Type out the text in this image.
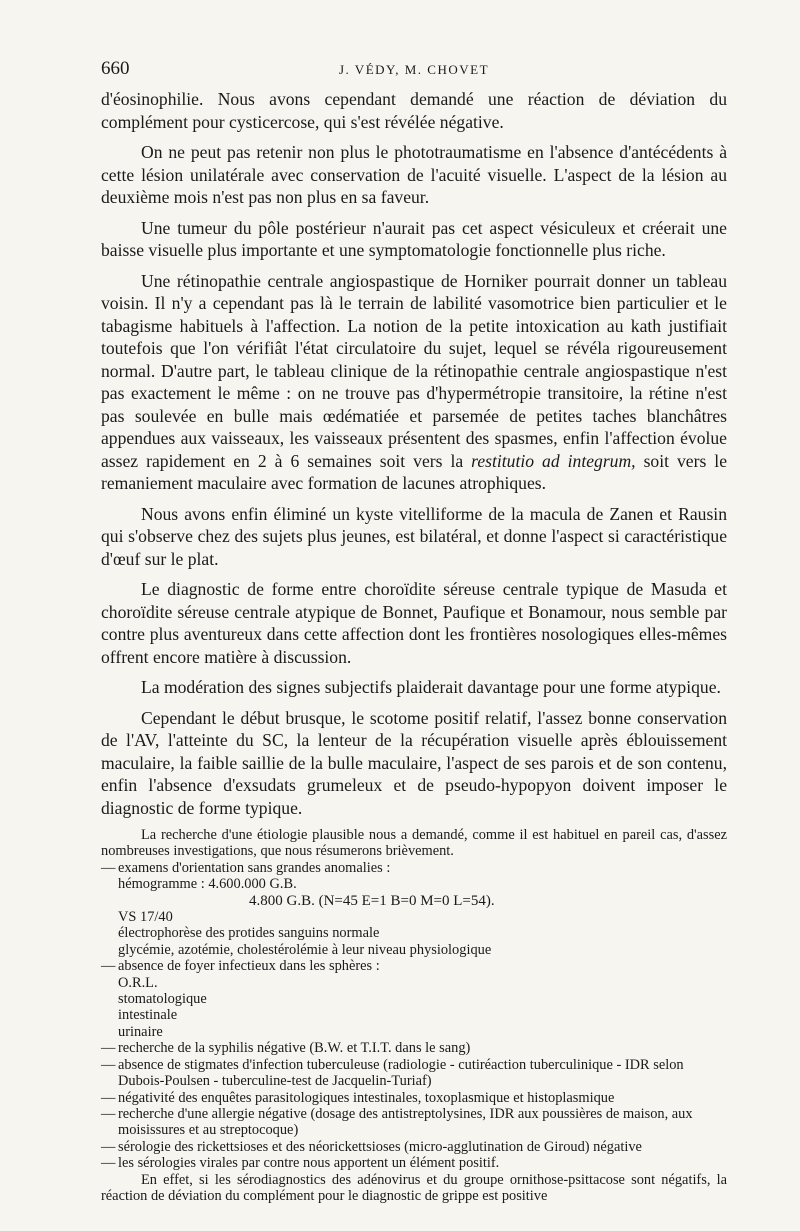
660	J. VÉDY, M. CHOVET

d'éosinophilie. Nous avons cependant demandé une réaction de déviation du complément pour cysticercose, qui s'est révélée négative.

On ne peut pas retenir non plus le phototraumatisme en l'absence d'antécédents à cette lésion unilatérale avec conservation de l'acuité visuelle. L'aspect de la lésion au deuxième mois n'est pas non plus en sa faveur.

Une tumeur du pôle postérieur n'aurait pas cet aspect vésiculeux et créerait une baisse visuelle plus importante et une symptomatologie fonctionnelle plus riche.

Une rétinopathie centrale angiospastique de Horniker pourrait donner un tableau voisin. Il n'y a cependant pas là le terrain de labilité vasomotrice bien particulier et le tabagisme habituels à l'affection. La notion de la petite intoxication au kath justifiait toutefois que l'on vérifiât l'état circulatoire du sujet, lequel se révéla rigoureusement normal. D'autre part, le tableau clinique de la rétinopathie centrale angiospastique n'est pas exactement le même : on ne trouve pas d'hypermétropie transitoire, la rétine n'est pas soulevée en bulle mais œdématiée et parsemée de petites taches blanchâtres appendues aux vaisseaux, les vaisseaux présentent des spasmes, enfin l'affection évolue assez rapidement en 2 à 6 semaines soit vers la restitutio ad integrum, soit vers le remaniement maculaire avec formation de lacunes atrophiques.

Nous avons enfin éliminé un kyste vitelliforme de la macula de Zanen et Rausin qui s'observe chez des sujets plus jeunes, est bilatéral, et donne l'aspect si caractéristique d'œuf sur le plat.

Le diagnostic de forme entre choroïdite séreuse centrale typique de Masuda et choroïdite séreuse centrale atypique de Bonnet, Paufique et Bonamour, nous semble par contre plus aventureux dans cette affection dont les frontières nosologiques elles-mêmes offrent encore matière à discussion.

La modération des signes subjectifs plaiderait davantage pour une forme atypique.

Cependant le début brusque, le scotome positif relatif, l'assez bonne conservation de l'AV, l'atteinte du SC, la lenteur de la récupération visuelle après éblouissement maculaire, la faible saillie de la bulle maculaire, l'aspect de ses parois et de son contenu, enfin l'absence d'exsudats grumeleux et de pseudo-hypopyon doivent imposer le diagnostic de forme typique.

La recherche d'une étiologie plausible nous a demandé, comme il est habituel en pareil cas, d'assez nombreuses investigations, que nous résumerons brièvement.

— examens d'orientation sans grandes anomalies :
hémogramme : 4.600.000 G.B.
4.800 G.B. (N=45 E=1 B=0 M=0 L=54).
VS 17/40
électrophorèse des protides sanguins normale
glycémie, azotémie, cholestérolémie à leur niveau physiologique
— absence de foyer infectieux dans les sphères :
O.R.L.
stomatologique
intestinale
urinaire
— recherche de la syphilis négative (B.W. et T.I.T. dans le sang)
— absence de stigmates d'infection tuberculeuse (radiologie - cutiréaction tuberculinique - IDR selon Dubois-Poulsen - tuberculine-test de Jacquelin-Turiaf)
— négativité des enquêtes parasitologiques intestinales, toxoplasmique et histoplasmique
— recherche d'une allergie négative (dosage des antistreptolysines, IDR aux poussières de maison, aux moisissures et au streptocoque)
— sérologie des rickettsioses et des néorickettsioses (micro-agglutination de Giroud) négative
— les sérologies virales par contre nous apportent un élément positif.

En effet, si les sérodiagnostics des adénovirus et du groupe ornithose-psittacose sont négatifs, la réaction de déviation du complément pour le diagnostic de grippe est positive
